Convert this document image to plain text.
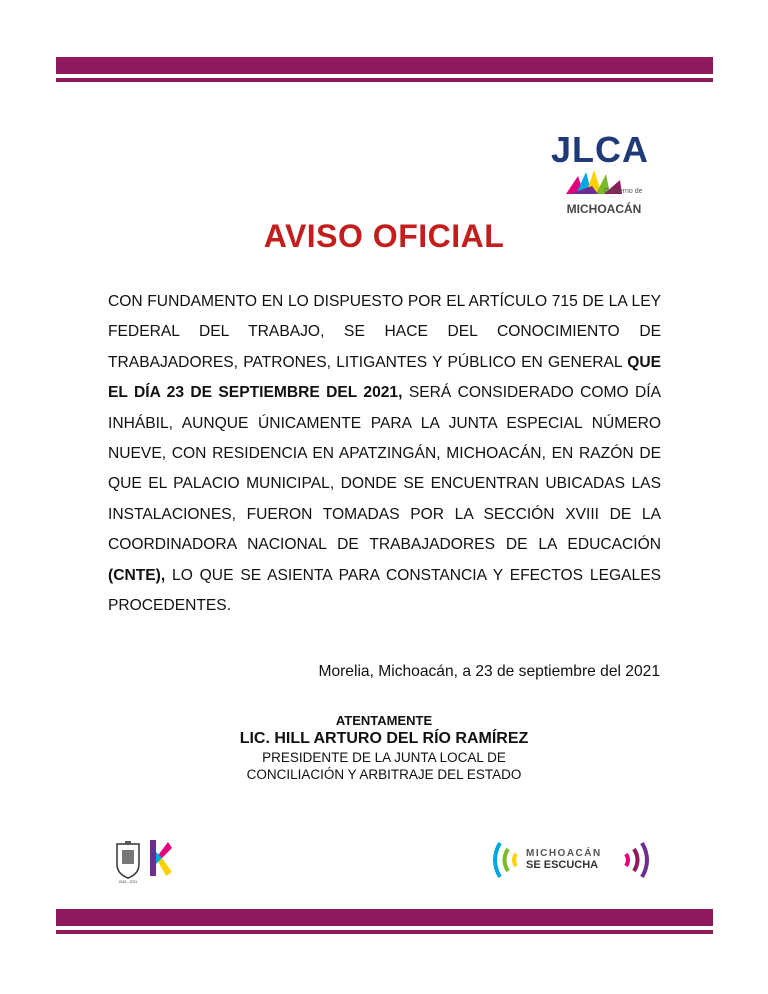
JLCA
Gobierno de
MICHOACÁN
AVISO OFICIAL
CON FUNDAMENTO EN LO DISPUESTO POR EL ARTÍCULO 715 DE LA LEY FEDERAL DEL TRABAJO, SE HACE DEL CONOCIMIENTO DE TRABAJADORES, PATRONES, LITIGANTES Y PÚBLICO EN GENERAL QUE EL DÍA 23 DE SEPTIEMBRE DEL 2021, SERÁ CONSIDERADO COMO DÍA INHÁBIL, AUNQUE ÚNICAMENTE PARA LA JUNTA ESPECIAL NÚMERO NUEVE, CON RESIDENCIA EN APATZINGÁN, MICHOACÁN, EN RAZÓN DE QUE EL PALACIO MUNICIPAL, DONDE SE ENCUENTRAN UBICADAS LAS INSTALACIONES, FUERON TOMADAS POR LA SECCIÓN XVIII DE LA COORDINADORA NACIONAL DE TRABAJADORES DE LA EDUCACIÓN (CNTE), LO QUE SE ASIENTA PARA CONSTANCIA Y EFECTOS LEGALES PROCEDENTES.
Morelia, Michoacán, a 23 de septiembre del 2021
ATENTAMENTE
LIC. HILL ARTURO DEL RÍO RAMÍREZ
PRESIDENTE DE LA JUNTA LOCAL DE
CONCILIACIÓN Y ARBITRAJE DEL ESTADO
2015 - 2021
MICHOACÁN
SE ESCUCHA
